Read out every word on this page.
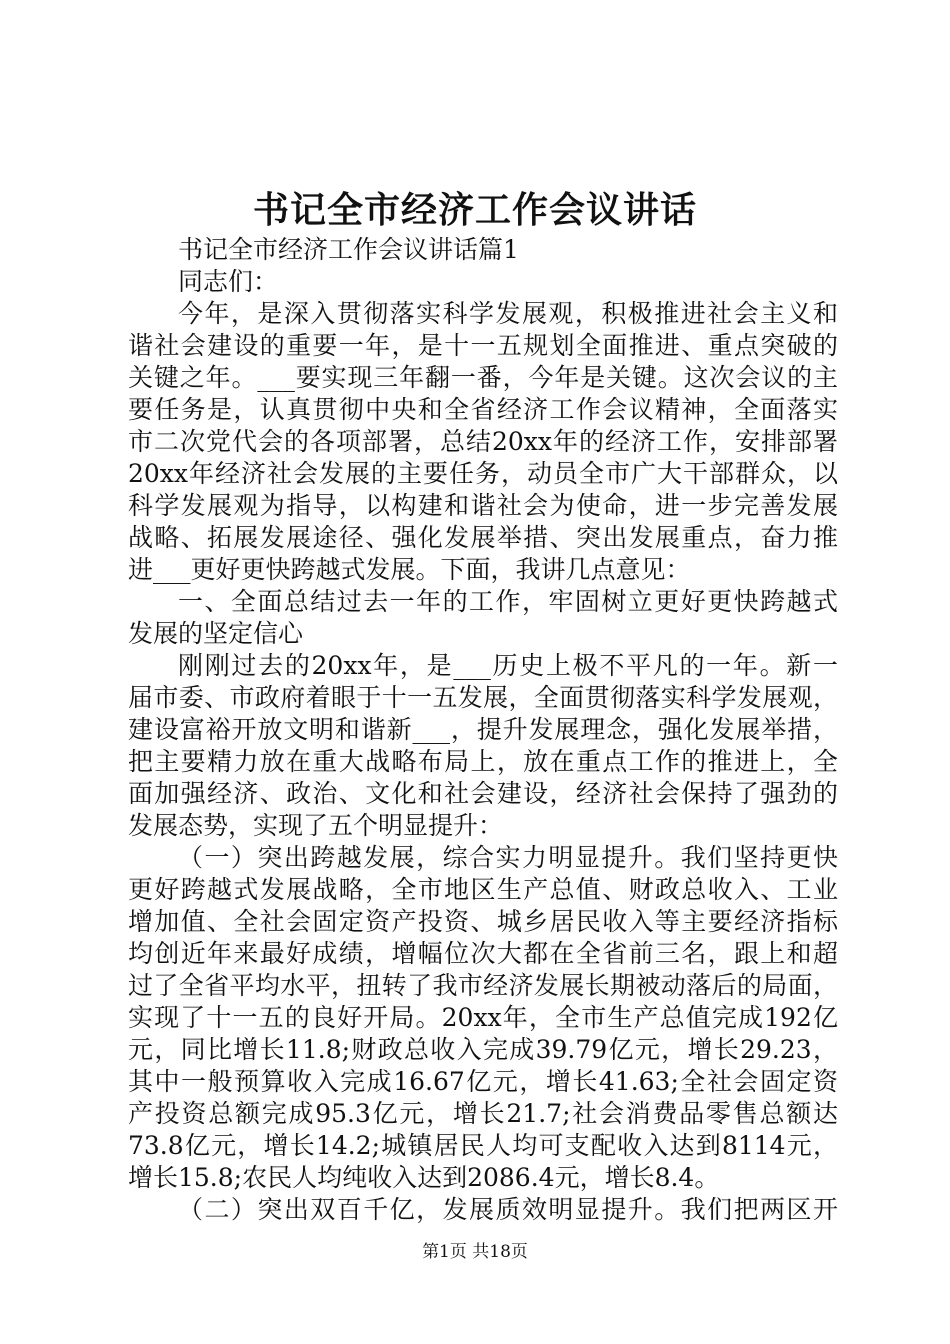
书记全市经济工作会议讲话
书记全市经济工作会议讲话篇1
同志们：
今年，是深入贯彻落实科学发展观，积极推进社会主义和
谐社会建设的重要一年，是十一五规划全面推进、重点突破的
关键之年。___要实现三年翻一番，今年是关键。这次会议的主
要任务是，认真贯彻中央和全省经济工作会议精神，全面落实
市二次党代会的各项部署，总结20xx年的经济工作，安排部署
20xx年经济社会发展的主要任务，动员全市广大干部群众，以
科学发展观为指导，以构建和谐社会为使命，进一步完善发展
战略、拓展发展途径、强化发展举措、突出发展重点，奋力推
进___更好更快跨越式发展。下面，我讲几点意见：
一、全面总结过去一年的工作，牢固树立更好更快跨越式
发展的坚定信心
刚刚过去的20xx年，是___历史上极不平凡的一年。新一
届市委、市政府着眼于十一五发展，全面贯彻落实科学发展观，
建设富裕开放文明和谐新___，提升发展理念，强化发展举措，
把主要精力放在重大战略布局上，放在重点工作的推进上，全
面加强经济、政治、文化和社会建设，经济社会保持了强劲的
发展态势，实现了五个明显提升：
（一）突出跨越发展，综合实力明显提升。我们坚持更快
更好跨越式发展战略，全市地区生产总值、财政总收入、工业
增加值、全社会固定资产投资、城乡居民收入等主要经济指标
均创近年来最好成绩，增幅位次大都在全省前三名，跟上和超
过了全省平均水平，扭转了我市经济发展长期被动落后的局面，
实现了十一五的良好开局。20xx年，全市生产总值完成192亿
元，同比增长11.8;财政总收入完成39.79亿元，增长29.23，
其中一般预算收入完成16.67亿元，增长41.63;全社会固定资
产投资总额完成95.3亿元，增长21.7;社会消费品零售总额达
73.8亿元，增长14.2;城镇居民人均可支配收入达到8114元，
增长15.8;农民人均纯收入达到2086.4元，增长8.4。
（二）突出双百千亿，发展质效明显提升。我们把两区开
第1页 共18页
